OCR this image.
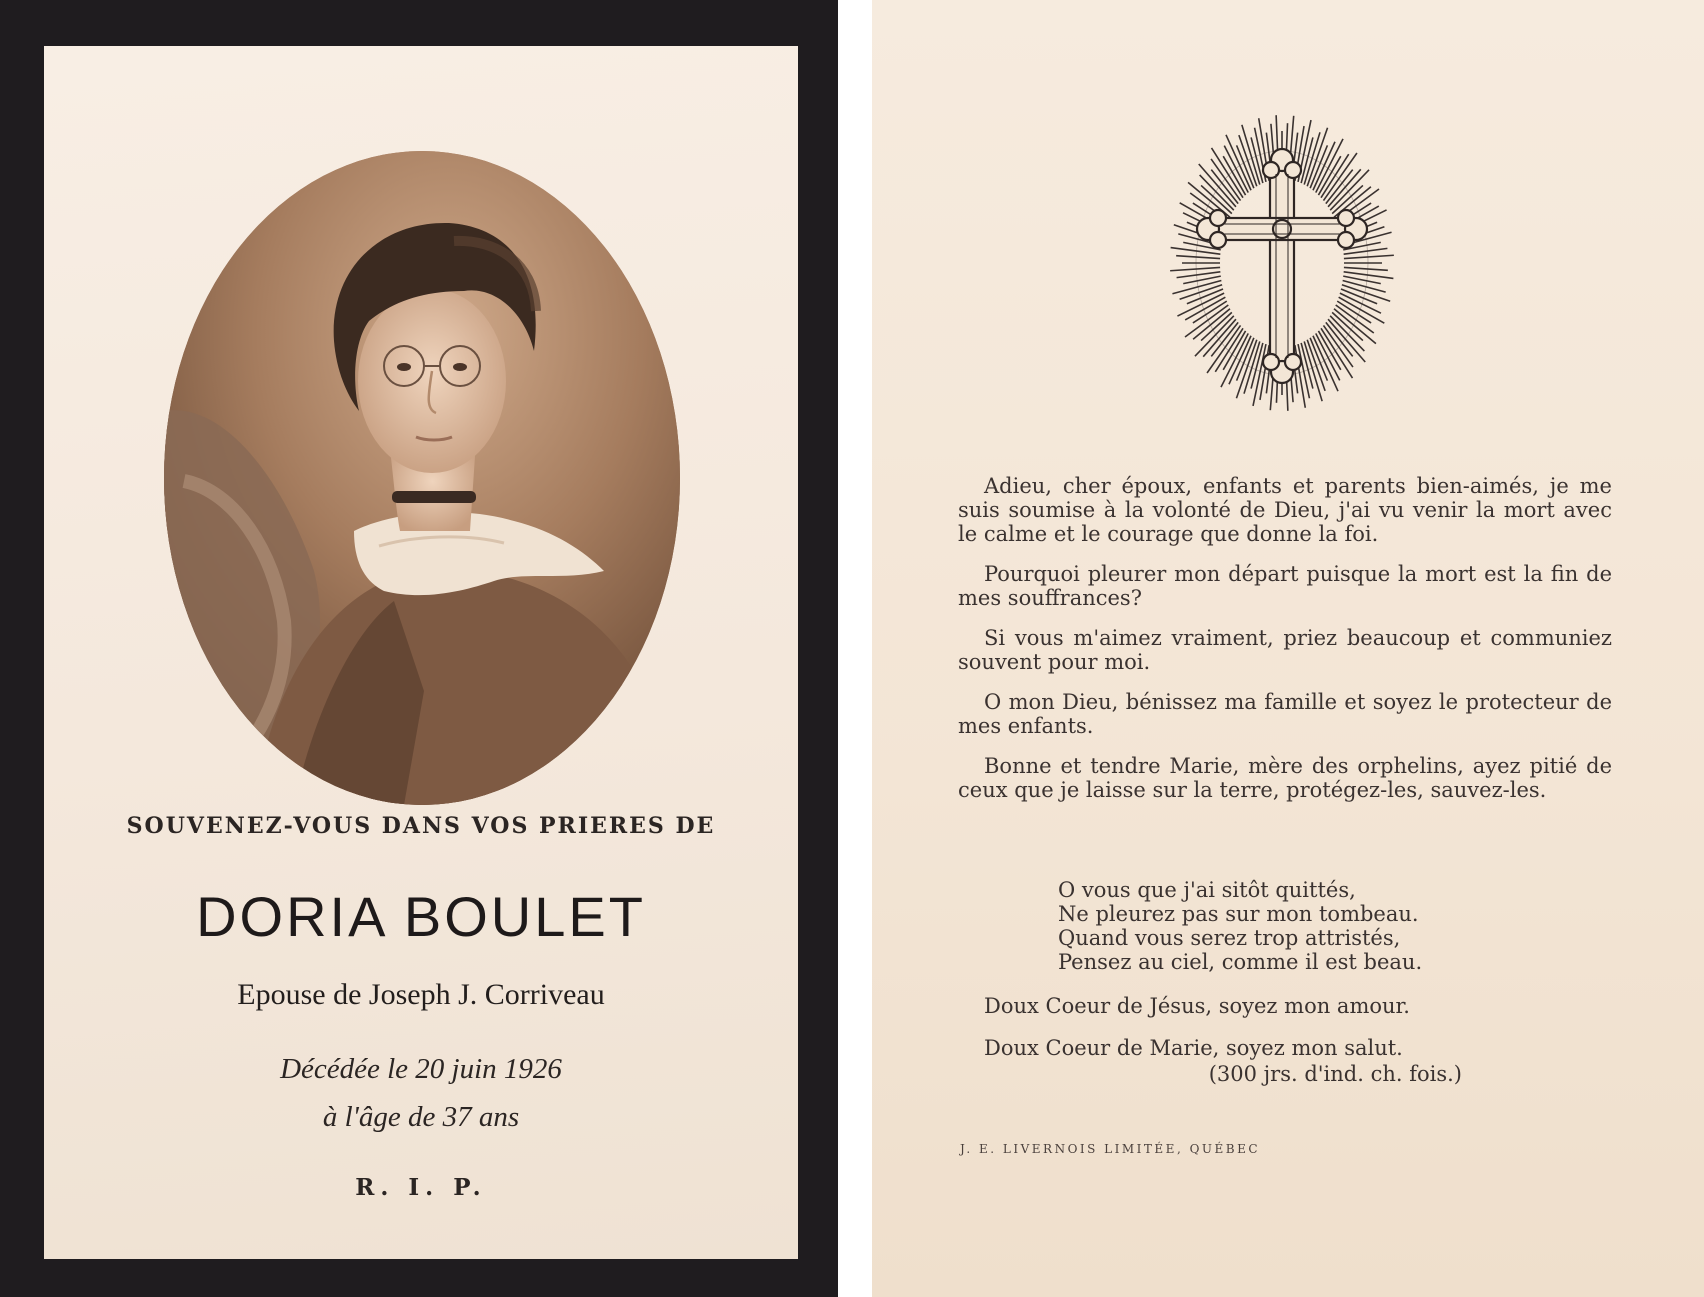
SOUVENEZ-VOUS DANS VOS PRIERES DE
DORIA BOULET
Epouse de Joseph J. Corriveau
Décédée le 20 juin 1926
à l'âge de 37 ans
R. I. P.

Adieu, cher époux, enfants et parents bien-aimés, je me suis soumise à la volonté de Dieu, j'ai vu venir la mort avec le calme et le courage que donne la foi.

Pourquoi pleurer mon départ puisque la mort est la fin de mes souffrances?

Si vous m'aimez vraiment, priez beaucoup et communiez souvent pour moi.

O mon Dieu, bénissez ma famille et soyez le protecteur de mes enfants.

Bonne et tendre Marie, mère des orphelins, ayez pitié de ceux que je laisse sur la terre, protégez-les, sauvez-les.

O vous que j'ai sitôt quittés,
Ne pleurez pas sur mon tombeau.
Quand vous serez trop attristés,
Pensez au ciel, comme il est beau.
Doux Coeur de Jésus, soyez mon amour.
Doux Coeur de Marie, soyez mon salut.
(300 jrs. d'ind. ch. fois.)
J. E. LIVERNOIS LIMITÉE, QUÉBEC
